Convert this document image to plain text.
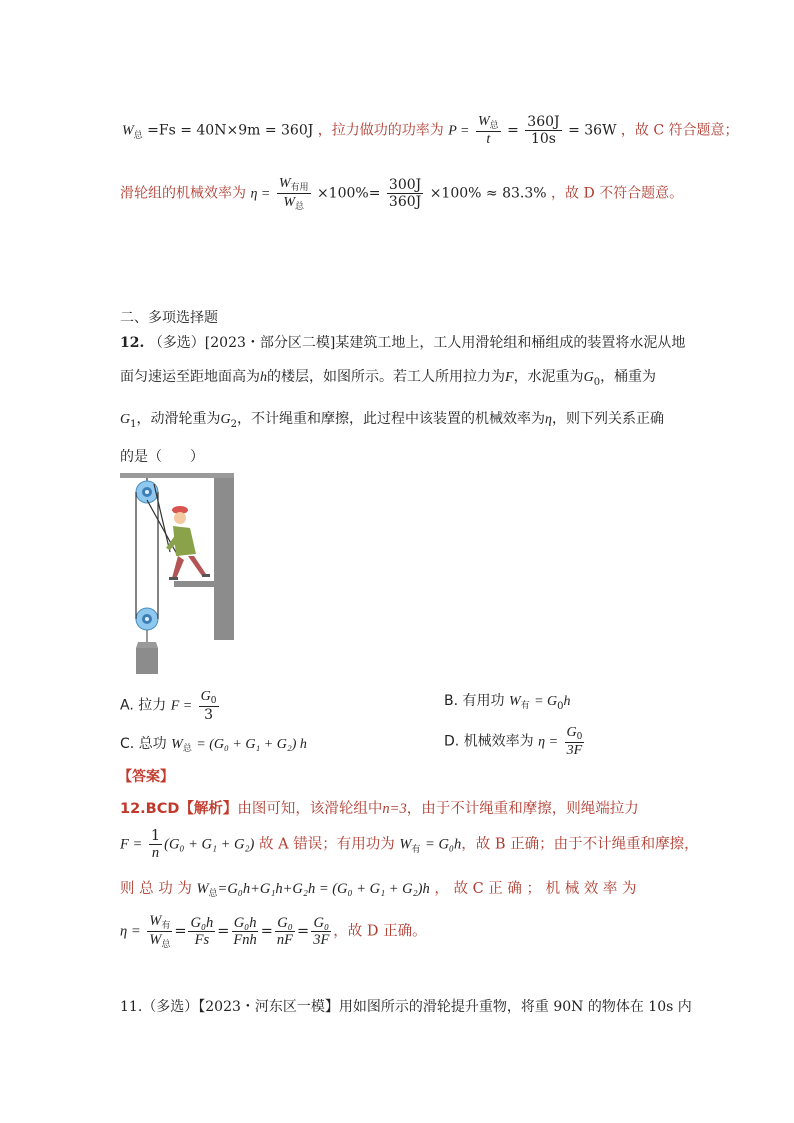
$W_总 =Fs = 40N\times 9m = 360J$ ，拉力做功的功率为 $P = \frac{W_总}{t} = \frac{360J}{10s} = 36W$ ，故 C 符合题意；
滑轮组的机械效率为 $\eta = \frac{W_{有用}}{W_总} \times 100\%= \frac{300J}{360J} \times 100\% \approx 83.3\%$ ，故 D 不符合题意。
二、多项选择题
12. （多选）[2023・部分区二模]某建筑工地上，工人用滑轮组和桶组成的装置将水泥从地
面匀速运至距地面高为h的楼层，如图所示。若工人所用拉力为F，水泥重为$G_0$，桶重为
$G_1$，动滑轮重为$G_2$，不计绳重和摩擦，此过程中该装置的机械效率为η，则下列关系正确
的是（　　）
A. 拉力 $F = \frac{G_0}{3}$	B. 有用功 $W_有 = G_0h$
C. 总功 $W_总 = (G_0 + G_1 + G_2)$ h	D. 机械效率为 $\eta = \frac{G_0}{3F}$
【答案】
12.BCD【解析】由图可知，该滑轮组中n=3，由于不计绳重和摩擦，则绳端拉力
$F = \frac{1}{n} (G_0 + G_1 + G_2)$ 故 A 错误；有用功为 $W_有 = G_0h$，故 B 正确；由于不计绳重和摩擦，
则 总 功 为 $W_总=G_0h+G_1h+G_2h = (G_0 + G_1 + G_2)h$ ， 故 C 正 确 ； 机 械 效 率 为
$\eta = \frac{W_有}{W_总} = \frac{\text{G₀h}}{Fs} = \frac{\text{G₀h}}{\text{Fnh}} = \frac{\text{G₀}}{nF} = \frac{\text{G₀}}{3F}$ ，故 D 正确。
11.（多选）【2023・河东区一模】用如图所示的滑轮提升重物，将重 90N 的物体在 10s 内
